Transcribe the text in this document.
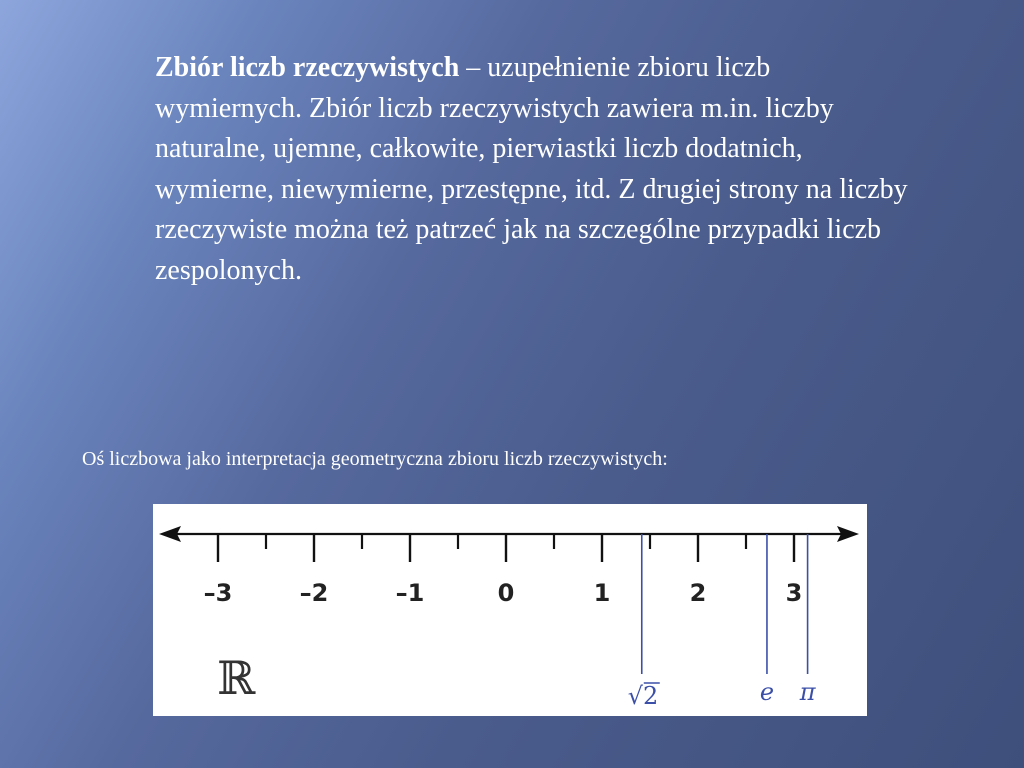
Zbiór liczb rzeczywistych – uzupełnienie zbioru liczb wymiernych. Zbiór liczb rzeczywistych zawiera m.in. liczby naturalne, ujemne, całkowite, pierwiastki liczb dodatnich, wymierne, niewymierne, przestępne, itd. Z drugiej strony na liczby rzeczywiste można też patrzeć jak na szczególne przypadki liczb zespolonych.

Oś liczbowa jako interpretacja geometryczna zbioru liczb rzeczywistych:

–3	–2	–1	0	1	2	3
√2	e π
ℝ
